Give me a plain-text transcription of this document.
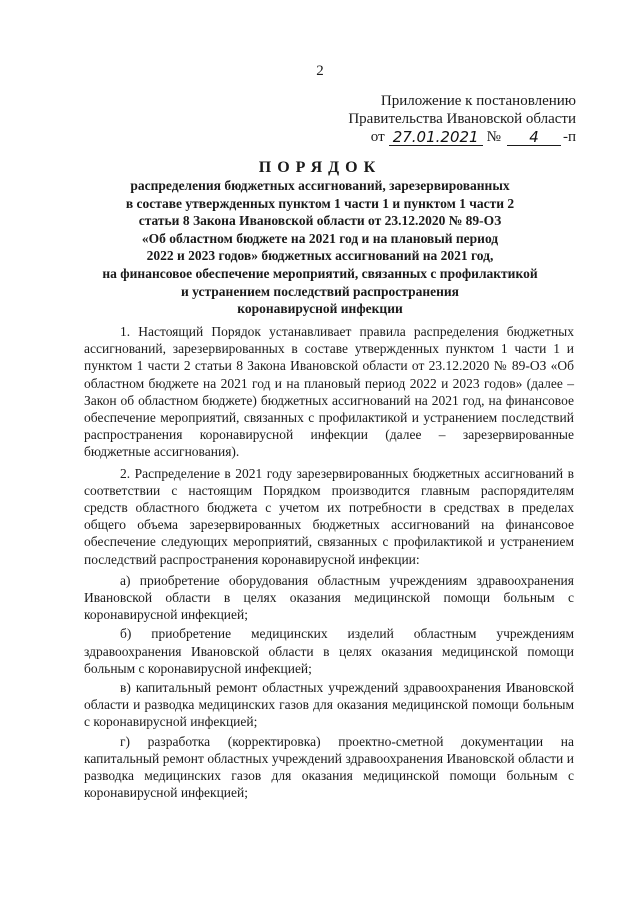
2
Приложение к постановлению
Правительства Ивановской области
от 27.01.2021 №	4	-п
ПОРЯДОК
распределения бюджетных ассигнований, зарезервированных
в составе утвержденных пунктом 1 части 1 и пунктом 1 части 2
статьи 8 Закона Ивановской области от 23.12.2020 № 89-ОЗ
«Об областном бюджете на 2021 год и на плановый период
2022 и 2023 годов» бюджетных ассигнований на 2021 год,
на финансовое обеспечение мероприятий, связанных с профилактикой
и устранением последствий распространения
коронавирусной инфекции

1. Настоящий Порядок устанавливает правила распределения бюджетных ассигнований, зарезервированных в составе утвержденных пунктом 1 части 1 и пунктом 1 части 2 статьи 8 Закона Ивановской области от 23.12.2020 № 89-ОЗ «Об областном бюджете на 2021 год и на плановый период 2022 и 2023 годов» (далее – Закон об областном бюджете) бюджетных ассигнований на 2021 год, на финансовое обеспечение мероприятий, связанных с профилактикой и устранением последствий распространения коронавирусной инфекции (далее – зарезервированные бюджетные ассигнования).

2. Распределение в 2021 году зарезервированных бюджетных ассигнований в соответствии с настоящим Порядком производится главным распорядителям средств областного бюджета с учетом их потребности в средствах в пределах общего объема зарезервированных бюджетных ассигнований на финансовое обеспечение следующих мероприятий, связанных с профилактикой и устранением последствий распространения коронавирусной инфекции:

а) приобретение оборудования областным учреждениям здравоохранения Ивановской области в целях оказания медицинской помощи больным с коронавирусной инфекцией;

б) приобретение медицинских изделий областным учреждениям здравоохранения Ивановской области в целях оказания медицинской помощи больным с коронавирусной инфекцией;

в) капитальный ремонт областных учреждений здравоохранения Ивановской области и разводка медицинских газов для оказания медицинской помощи больным с коронавирусной инфекцией;

г) разработка (корректировка) проектно-сметной документации на капитальный ремонт областных учреждений здравоохранения Ивановской области и разводка медицинских газов для оказания медицинской помощи больным с коронавирусной инфекцией;
